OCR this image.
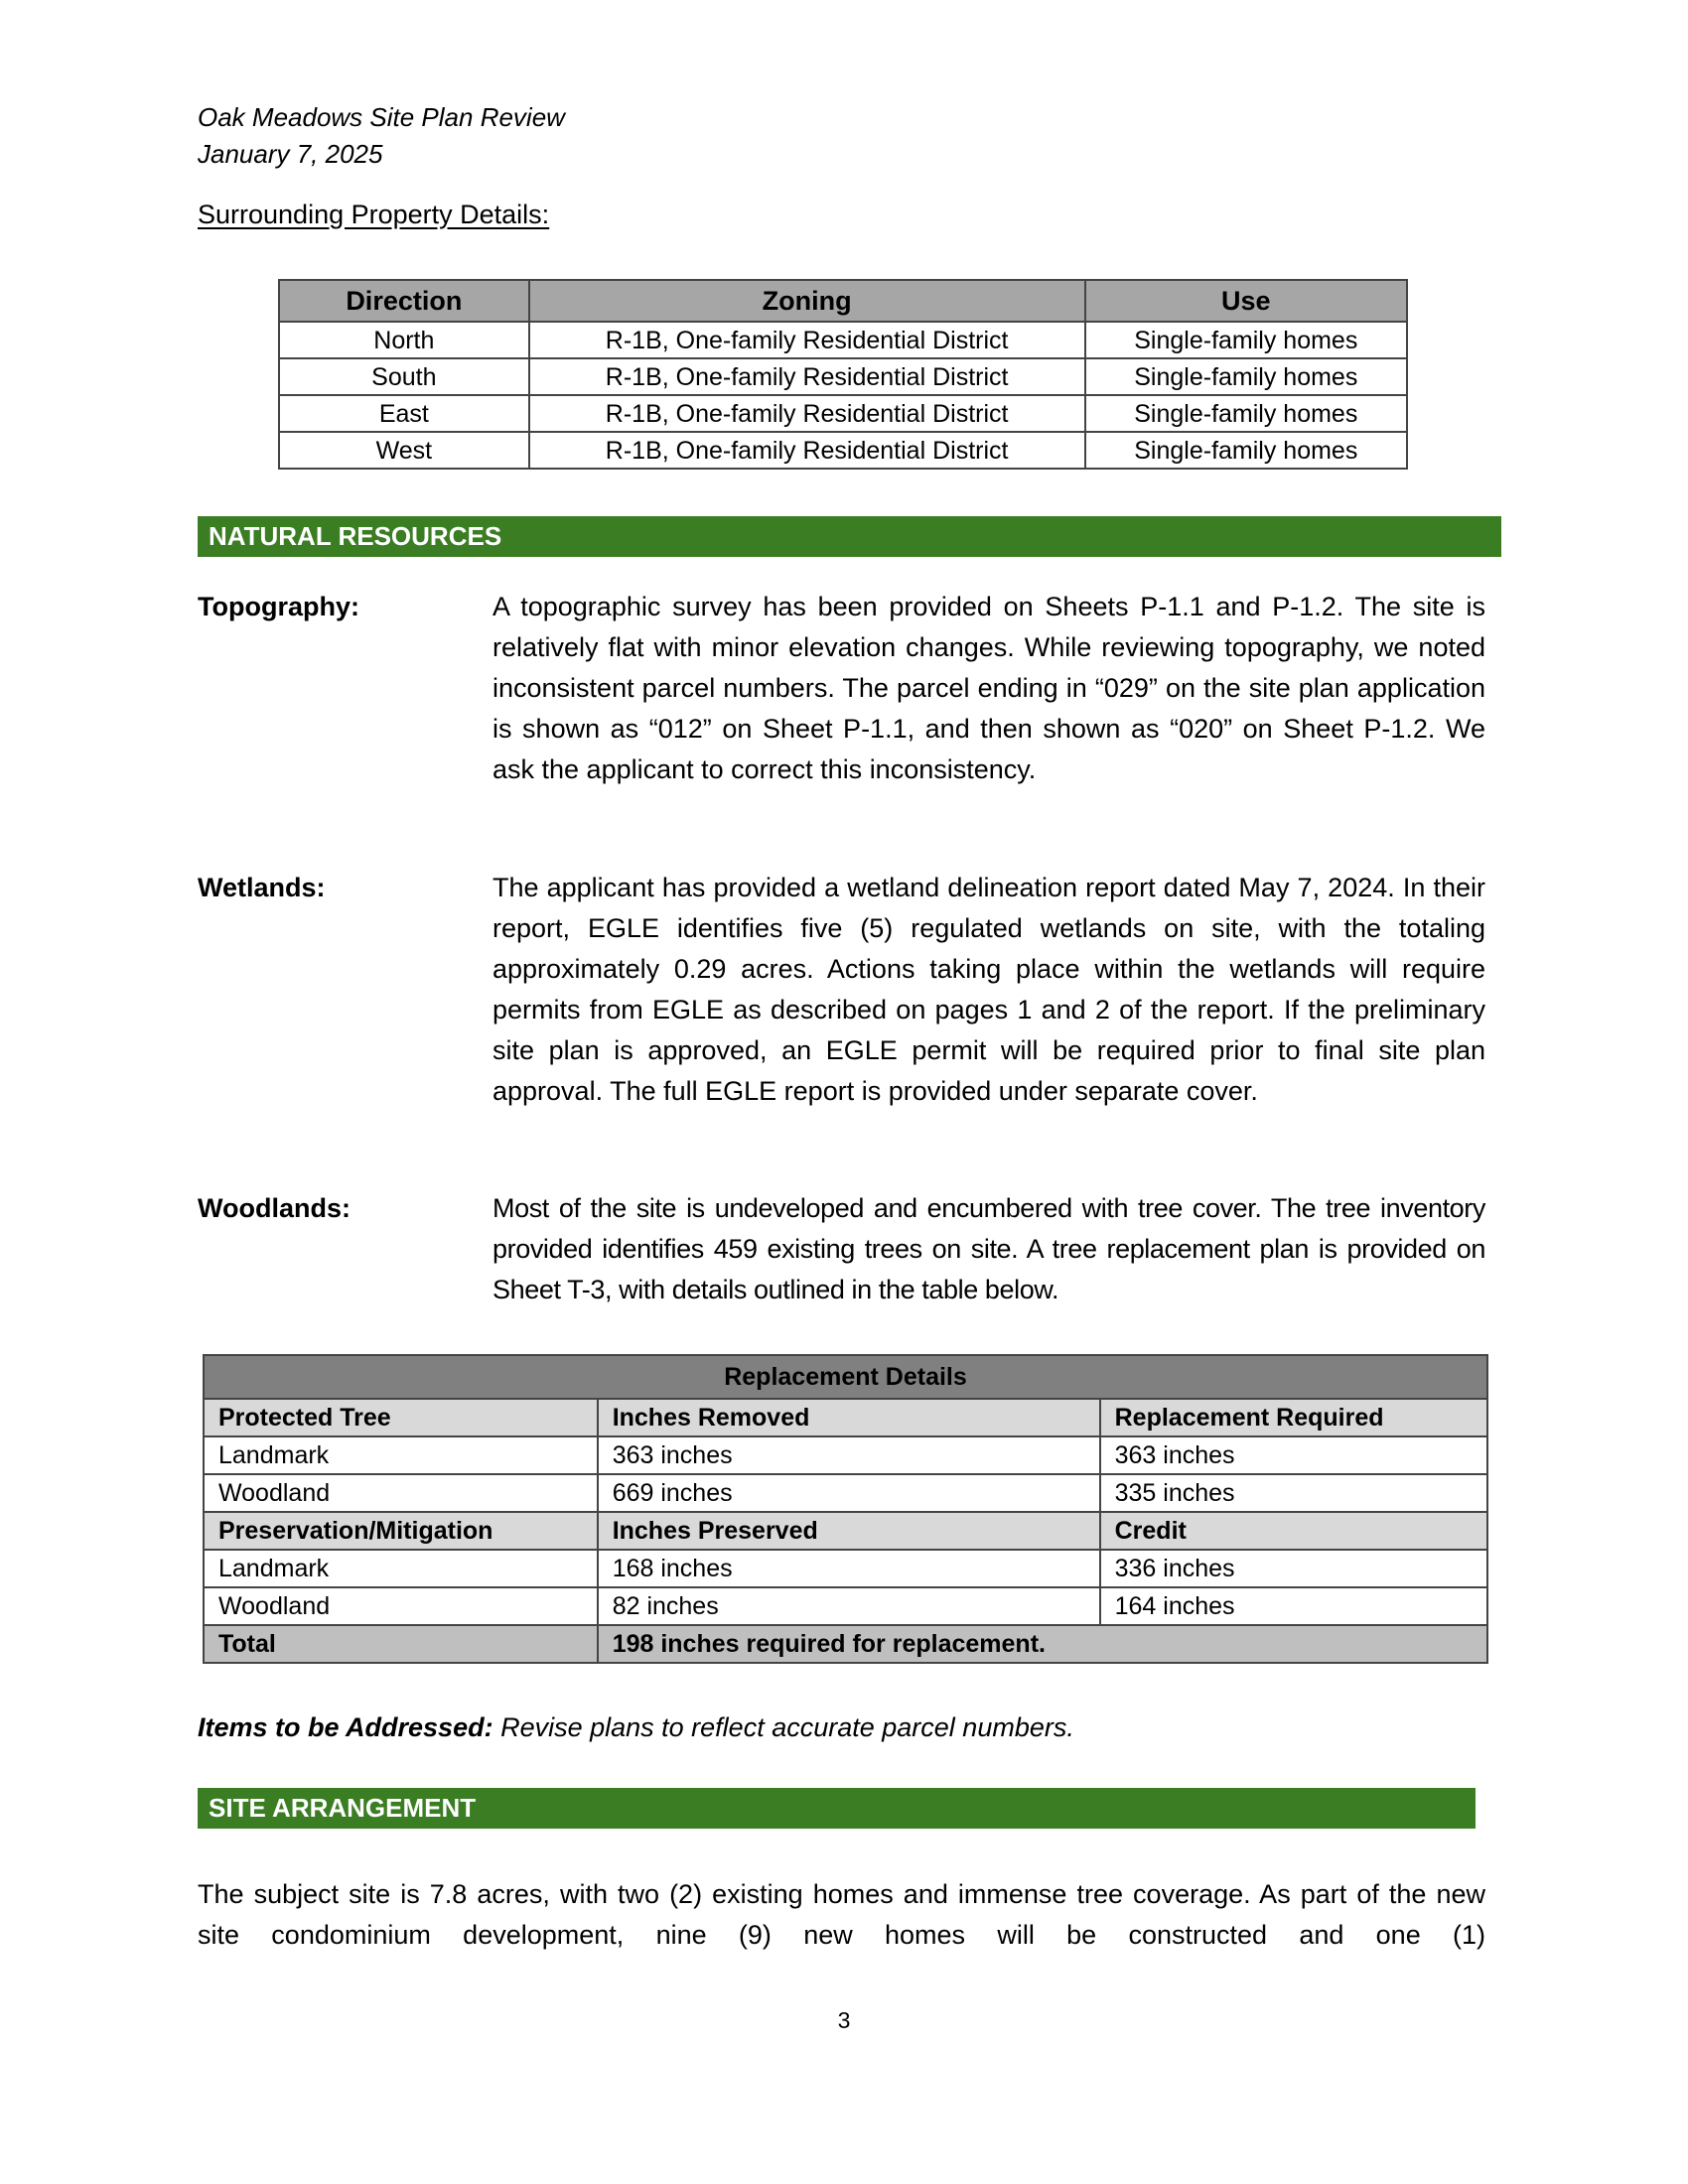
Oak Meadows Site Plan Review
January 7, 2025
Surrounding Property Details:
Direction	Zoning	Use
North	R-1B, One-family Residential District	Single-family homes
South	R-1B, One-family Residential District	Single-family homes
East	R-1B, One-family Residential District	Single-family homes
West	R-1B, One-family Residential District	Single-family homes
NATURAL RESOURCES
Topography:	A topographic survey has been provided on Sheets P-1.1 and P-1.2. The site is relatively flat with minor elevation changes. While reviewing topography, we noted inconsistent parcel numbers. The parcel ending in “029” on the site plan application is shown as “012” on Sheet P-1.1, and then shown as “020” on Sheet P-1.2. We ask the applicant to correct this inconsistency.
Wetlands:	The applicant has provided a wetland delineation report dated May 7, 2024. In their report, EGLE identifies five (5) regulated wetlands on site, with the totaling approximately 0.29 acres. Actions taking place within the wetlands will require permits from EGLE as described on pages 1 and 2 of the report. If the preliminary site plan is approved, an EGLE permit will be required prior to final site plan approval. The full EGLE report is provided under separate cover.
Woodlands:	Most of the site is undeveloped and encumbered with tree cover. The tree inventory provided identifies 459 existing trees on site. A tree replacement plan is provided on Sheet T-3, with details outlined in the table below.
Replacement Details		
Protected Tree	Inches Removed	Replacement Required
Landmark	363 inches	363 inches
Woodland	669 inches	335 inches
Preservation/Mitigation	Inches Preserved	Credit
Landmark	168 inches	336 inches
Woodland	82 inches	164 inches
Total	198 inches required for replacement.	
Items to be Addressed: Revise plans to reflect accurate parcel numbers.
SITE ARRANGEMENT
The subject site is 7.8 acres, with two (2) existing homes and immense tree coverage. As part of the new site condominium development, nine (9) new homes will be constructed and one (1)
3
